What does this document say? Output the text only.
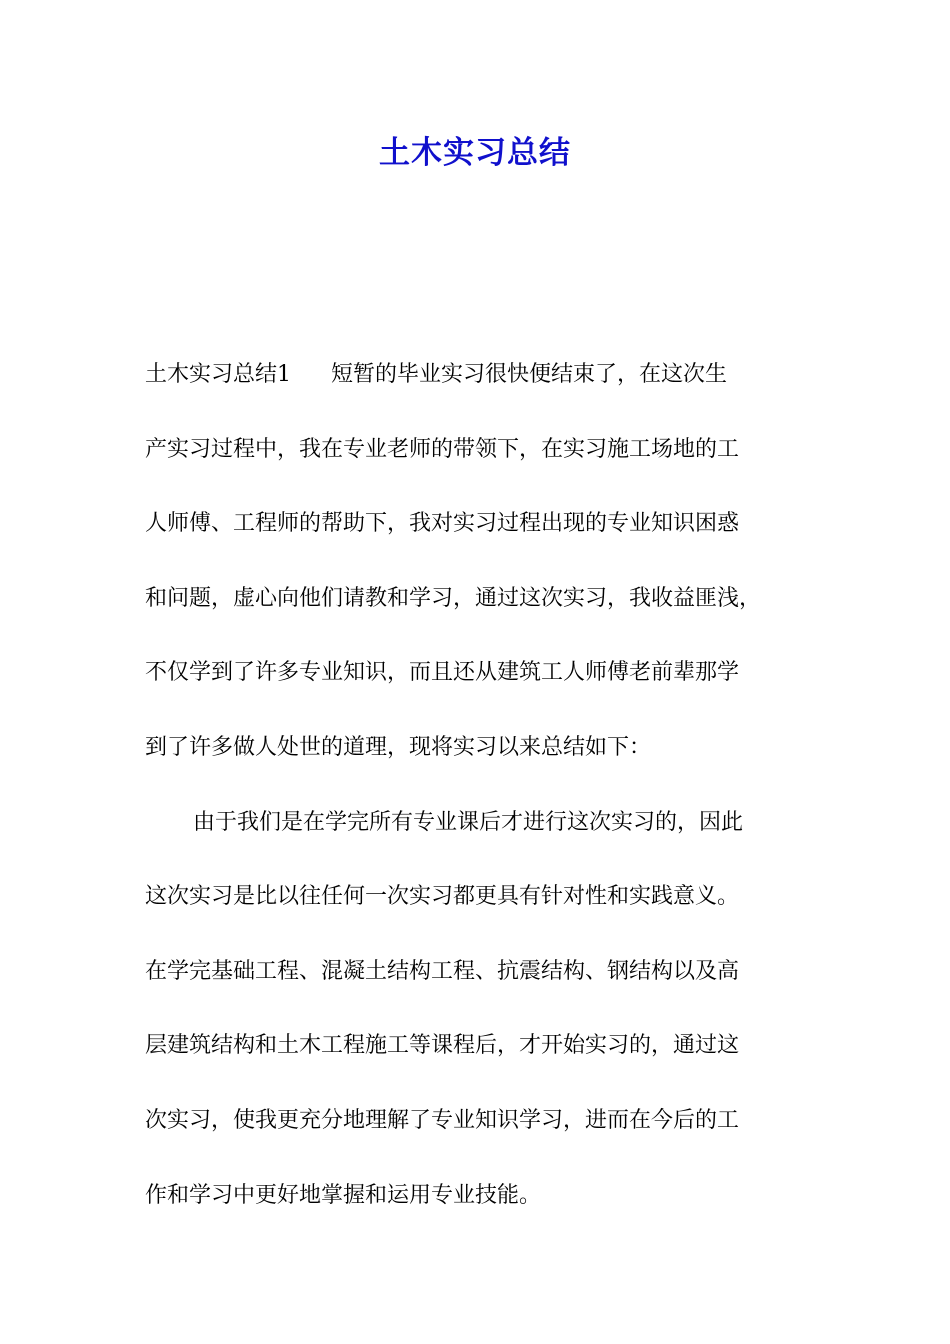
土木实习总结
土木实习总结1 短暂的毕业实习很快便结束了，在这次生
产实习过程中，我在专业老师的带领下，在实习施工场地的工
人师傅、工程师的帮助下，我对实习过程出现的专业知识困惑
和问题，虚心向他们请教和学习，通过这次实习，我收益匪浅，
不仅学到了许多专业知识，而且还从建筑工人师傅老前辈那学
到了许多做人处世的道理，现将实习以来总结如下：
由于我们是在学完所有专业课后才进行这次实习的，因此
这次实习是比以往任何一次实习都更具有针对性和实践意义。
在学完基础工程、混凝土结构工程、抗震结构、钢结构以及高
层建筑结构和土木工程施工等课程后，才开始实习的，通过这
次实习，使我更充分地理解了专业知识学习，进而在今后的工
作和学习中更好地掌握和运用专业技能。
